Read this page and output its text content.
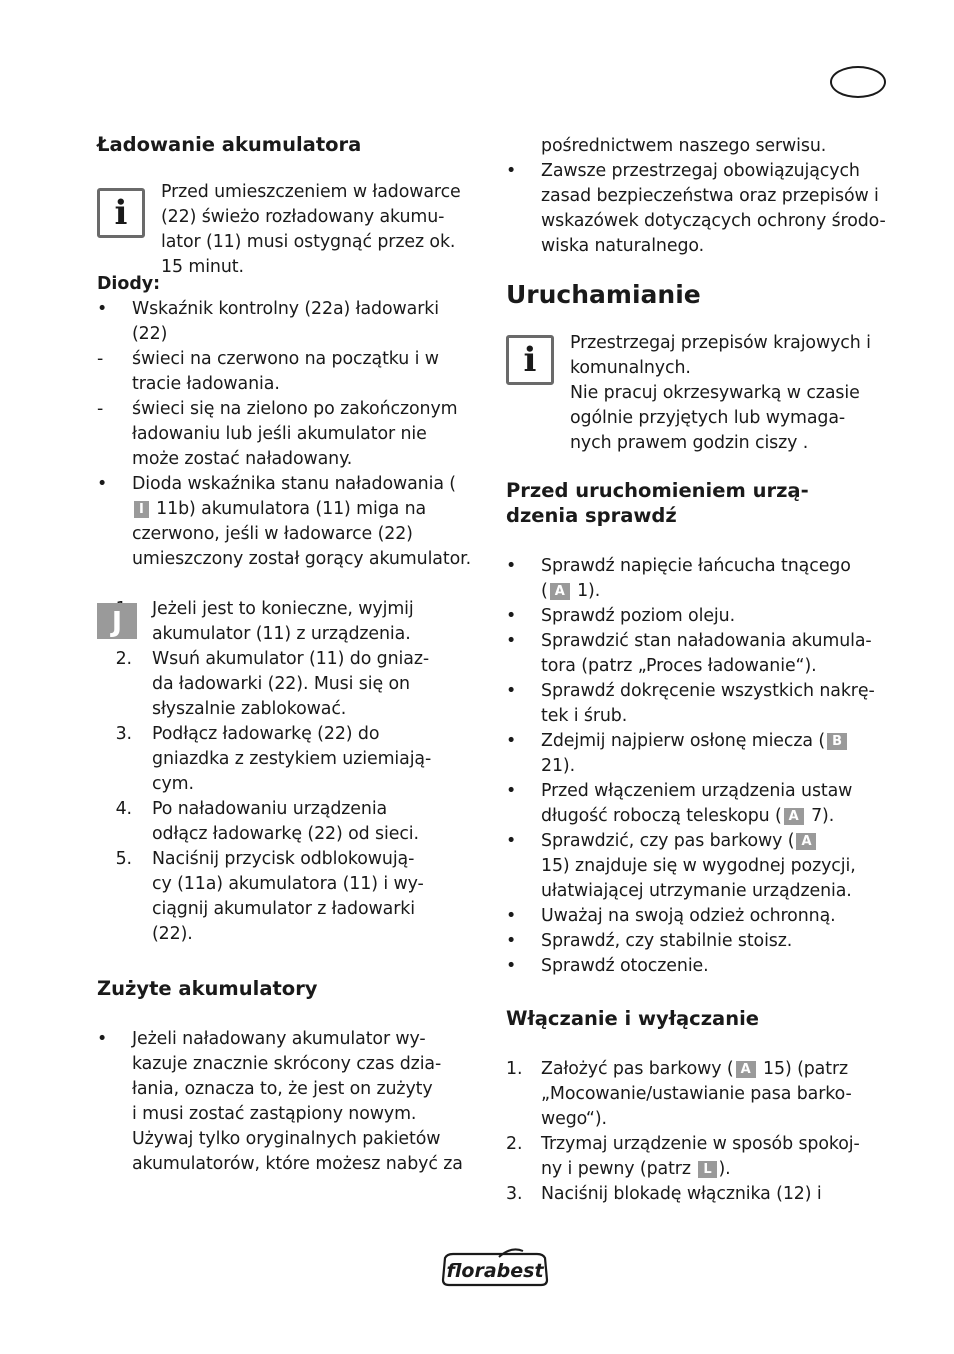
Ładowanie akumulatora
i
Przed umieszczeniem w ładowarce
(22) świeżo rozładowany akumu-
lator (11) musi ostygnąć przez ok.
15 minut.
Diody:
•	Wskaźnik kontrolny (22a) ładowarki
(22)
-	świeci na czerwono na początku i w
tracie ładowania.
-	świeci się na zielono po zakończonym
ładowaniu lub jeśli akumulator nie
może zostać naładowany.
•	Dioda wskaźnika stanu naładowania (
I 11b) akumulatora (11) miga na
czerwono, jeśli w ładowarce (22)
umieszczony został gorący akumulator.
J	Jeżeli jest to konieczne, wyjmij
akumulator (11) z urządzenia.
2.	Wsuń akumulator (11) do gniaz-
da ładowarki (22). Musi się on
słyszalnie zablokować.
3.	Podłącz ładowarkę (22) do
gniazdka z zestykiem uziemiają-
cym.
4.	Po naładowaniu urządzenia
odłącz ładowarkę (22) od sieci.
5.	Naciśnij przycisk odblokowują-
cy (11a) akumulatora (11) i wy-
ciągnij akumulator z ładowarki
(22).
Zużyte akumulatory
•	Jeżeli naładowany akumulator wy-
kazuje znacznie skrócony czas dzia-
łania, oznacza to, że jest on zużyty
i musi zostać zastąpiony nowym.
Używaj tylko oryginalnych pakietów
akumulatorów, które możesz nabyć za
pośrednictwem naszego serwisu.
•	Zawsze przestrzegaj obowiązujących
zasad bezpieczeństwa oraz przepisów i
wskazówek dotyczących ochrony środo-
wiska naturalnego.
Uruchamianie
i	Przestrzegaj przepisów krajowych i
komunalnych.
Nie pracuj okrzesywarką w czasie
ogólnie przyjętych lub wymaga-
nych prawem godzin ciszy .
Przed uruchomieniem urzą-
dzenia sprawdź
•	Sprawdź napięcie łańcucha tnącego
( A 1).
•	Sprawdź poziom oleju.
•	Sprawdzić stan naładowania akumula-
tora (patrz „Proces ładowanie“).
•	Sprawdź dokręcenie wszystkich nakrę-
tek i śrub.
•	Zdejmij najpierw osłonę miecza ( B
21).
•	Przed włączeniem urządzenia ustaw
długość roboczą teleskopu ( A 7).
•	Sprawdzić, czy pas barkowy ( A
15) znajduje się w wygodnej pozycji,
ułatwiającej utrzymanie urządzenia.
•	Uważaj na swoją odzież ochronną.
•	Sprawdź, czy stabilnie stoisz.
•	Sprawdź otoczenie.
Włączanie i wyłączanie
1.	Założyć pas barkowy ( A 15) (patrz
„Mocowanie/ustawianie pasa barko-
wego“).
2.	Trzymaj urządzenie w sposób spokoj-
ny i pewny (patrz L ).
3.	Naciśnij blokadę włącznika (12) i
florabest
